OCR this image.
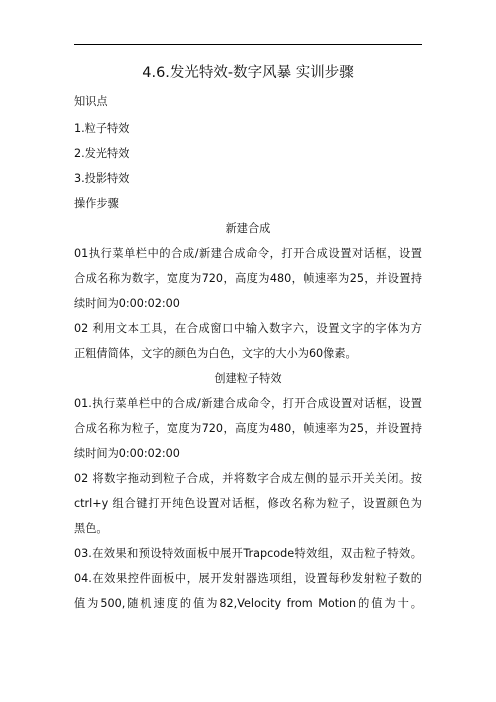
4.6.发光特效-数字风暴 实训步骤
知识点
1.粒子特效
2.发光特效
3.投影特效
操作步骤
新建合成
01执行菜单栏中的合成/新建合成命令，打开合成设置对话框，设置
合成名称为数字，宽度为720，高度为480，帧速率为25，并设置持
续时间为0:00:02:00
02 利用文本工具，在合成窗口中输入数字六，设置文字的字体为方
正粗倩简体，文字的颜色为白色，文字的大小为60像素。
创建粒子特效
01.执行菜单栏中的合成/新建合成命令，打开合成设置对话框，设置
合成名称为粒子，宽度为720，高度为480，帧速率为25，并设置持
续时间为0:00:02:00
02 将数字拖动到粒子合成，并将数字合成左侧的显示开关关闭。按
ctrl+y 组合键打开纯色设置对话框，修改名称为粒子，设置颜色为
黑色。
03.在效果和预设特效面板中展开Trapcode特效组，双击粒子特效。
04.在效果控件面板中，展开发射器选项组，设置每秒发射粒子数的
值为500,随机速度的值为82,Velocity from Motion的值为十。
